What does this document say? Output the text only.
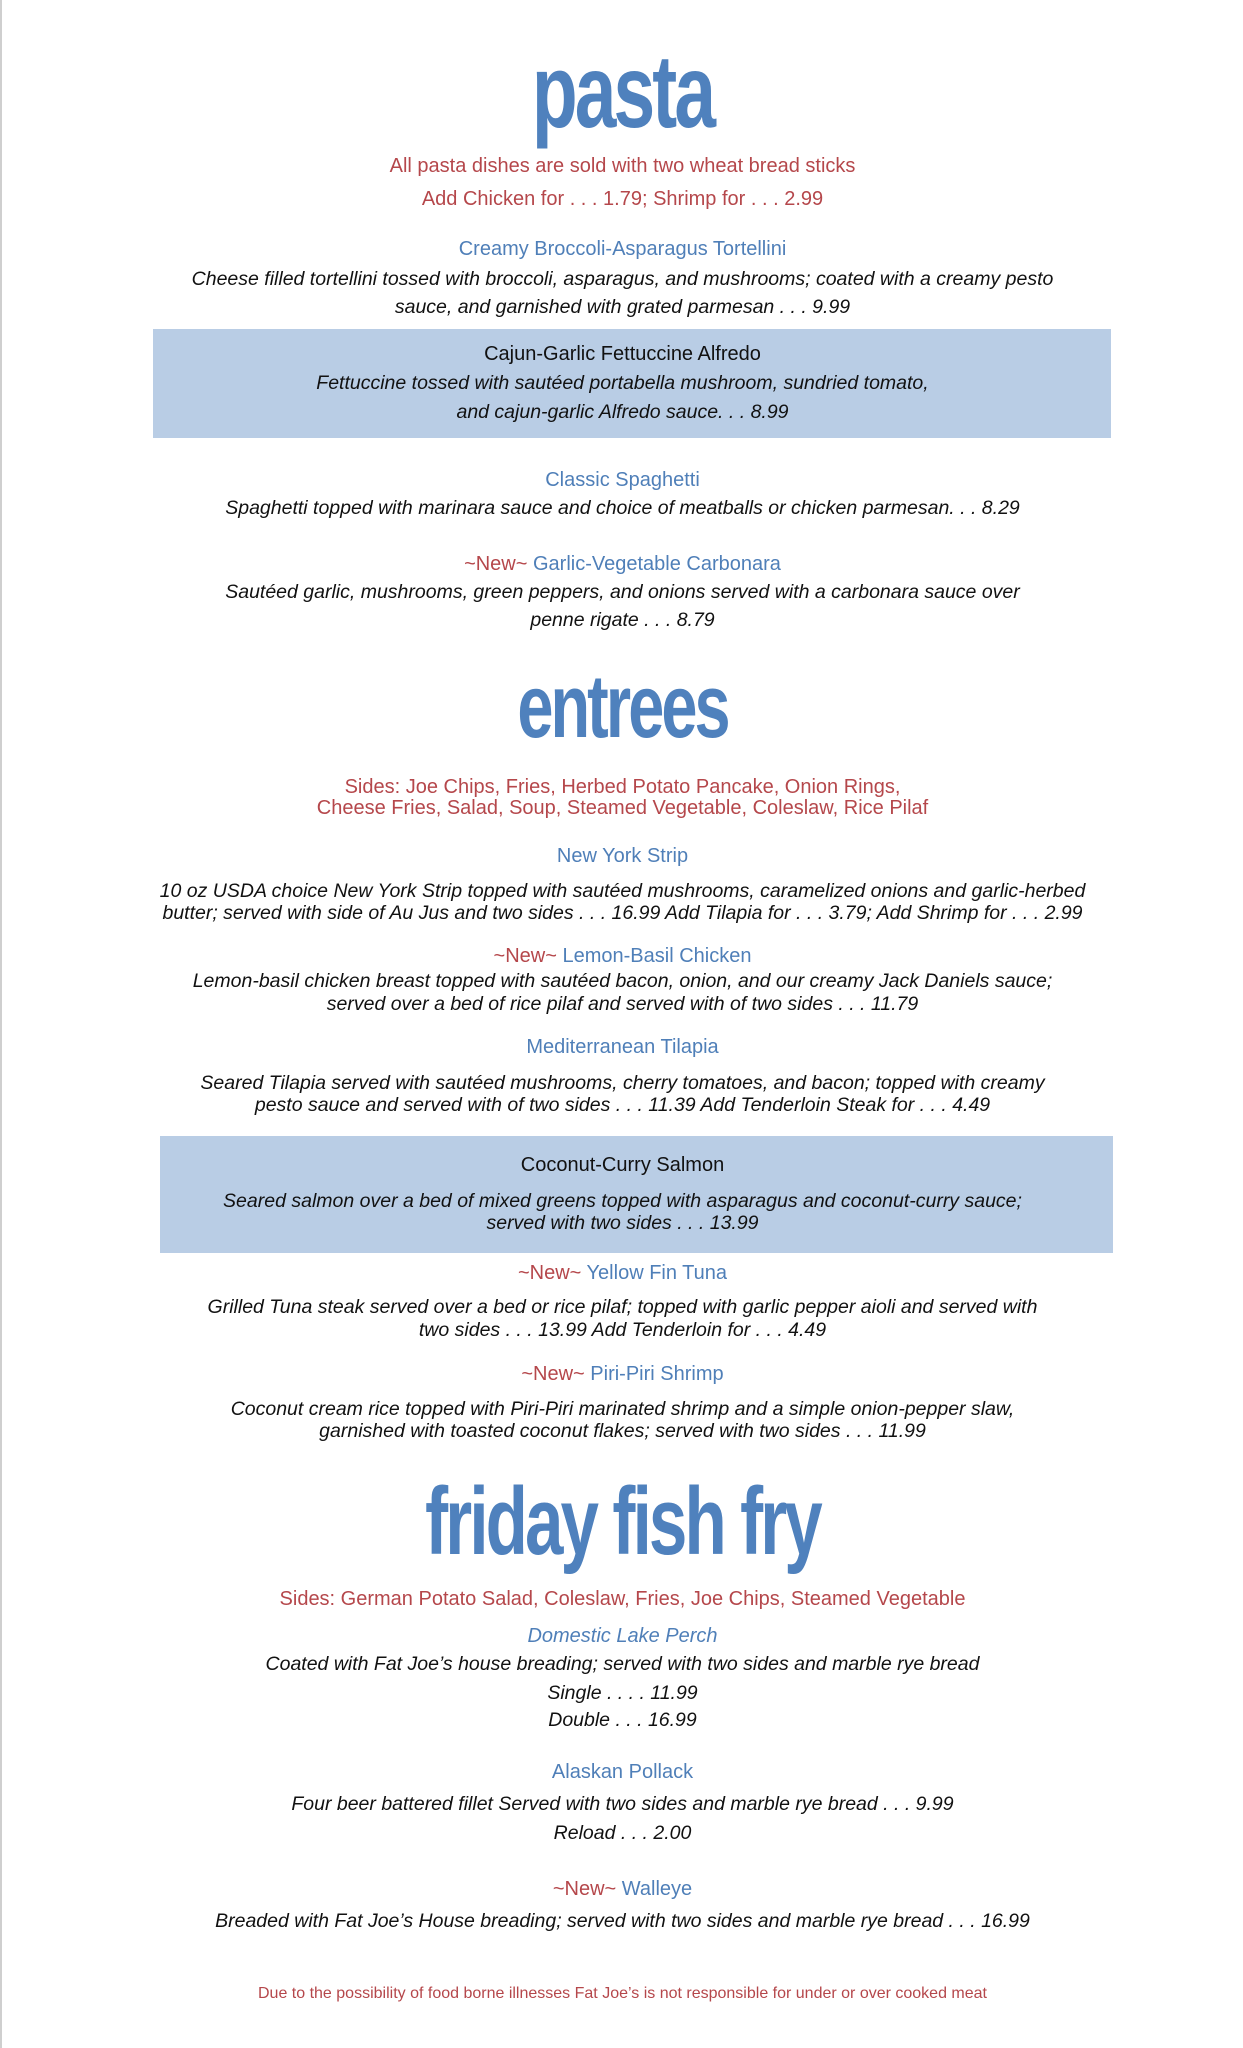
pasta
All pasta dishes are sold with two wheat bread sticks
Add Chicken for . . . 1.79; Shrimp for . . . 2.99
Creamy Broccoli-Asparagus Tortellini
Cheese filled tortellini tossed with broccoli, asparagus, and mushrooms; coated with a creamy pesto
sauce, and garnished with grated parmesan . . . 9.99
Cajun-Garlic Fettuccine Alfredo
Fettuccine tossed with sautéed portabella mushroom, sundried tomato,
and cajun-garlic Alfredo sauce. . . 8.99
Classic Spaghetti
Spaghetti topped with marinara sauce and choice of meatballs or chicken parmesan. . . 8.29
~New~ Garlic-Vegetable Carbonara
Sautéed garlic, mushrooms, green peppers, and onions served with a carbonara sauce over
penne rigate . . . 8.79
entrees
Sides: Joe Chips, Fries, Herbed Potato Pancake, Onion Rings,
Cheese Fries, Salad, Soup, Steamed Vegetable, Coleslaw, Rice Pilaf
New York Strip
10 oz USDA choice New York Strip topped with sautéed mushrooms, caramelized onions and garlic-herbed
butter; served with side of Au Jus and two sides . . . 16.99 Add Tilapia for . . . 3.79; Add Shrimp for . . . 2.99
~New~ Lemon-Basil Chicken
Lemon-basil chicken breast topped with sautéed bacon, onion, and our creamy Jack Daniels sauce;
served over a bed of rice pilaf and served with of two sides . . . 11.79
Mediterranean Tilapia
Seared Tilapia served with sautéed mushrooms, cherry tomatoes, and bacon; topped with creamy
pesto sauce and served with of two sides . . . 11.39 Add Tenderloin Steak for . . . 4.49
Coconut-Curry Salmon
Seared salmon over a bed of mixed greens topped with asparagus and coconut-curry sauce;
served with two sides . . . 13.99
~New~ Yellow Fin Tuna
Grilled Tuna steak served over a bed or rice pilaf; topped with garlic pepper aioli and served with
two sides . . . 13.99 Add Tenderloin for . . . 4.49
~New~ Piri-Piri Shrimp
Coconut cream rice topped with Piri-Piri marinated shrimp and a simple onion-pepper slaw,
garnished with toasted coconut flakes; served with two sides . . . 11.99
friday fish fry
Sides: German Potato Salad, Coleslaw, Fries, Joe Chips, Steamed Vegetable
Domestic Lake Perch
Coated with Fat Joe’s house breading; served with two sides and marble rye bread
Single . . . . 11.99
Double . . . 16.99
Alaskan Pollack
Four beer battered fillet Served with two sides and marble rye bread . . . 9.99
Reload . . . 2.00
~New~ Walleye
Breaded with Fat Joe’s House breading; served with two sides and marble rye bread . . . 16.99
Due to the possibility of food borne illnesses Fat Joe’s is not responsible for under or over cooked meat
